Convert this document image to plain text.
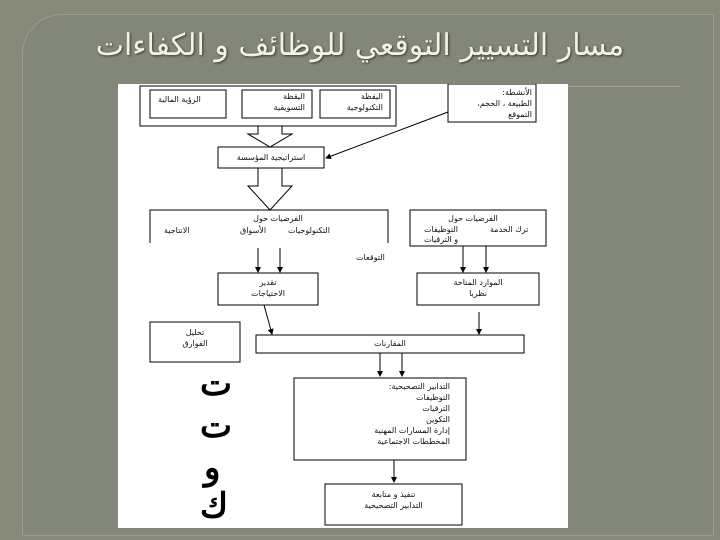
مسار التسيير التوقعي للوظائف و الكفاءات
الرؤية المالية	اليقظة
التسويقية
اليقظة
التكنولوجية
الأنشطة:
الطبيعة ، الحجم،
التموقع
استراتيجية المؤسسة
الفرضيات حول
التكنولوجيات
الأسواق
الانتاجية
التوقعات
الفرضيات حول
ترك الخدمة
التوظيفات
و الترقيات
تقدير
الاحتياجات
الموارد المتاحة
نظريا
تحليل
الفوارق	المقارنات
التدابير التصحيحية:
التوظيفات
الترقيات
التكوين
إدارة المسارات المهنية
المخططات الاجتماعية
تنفيذ و متابعة
التدابير التصحيحية
ت
ت
و
ك
